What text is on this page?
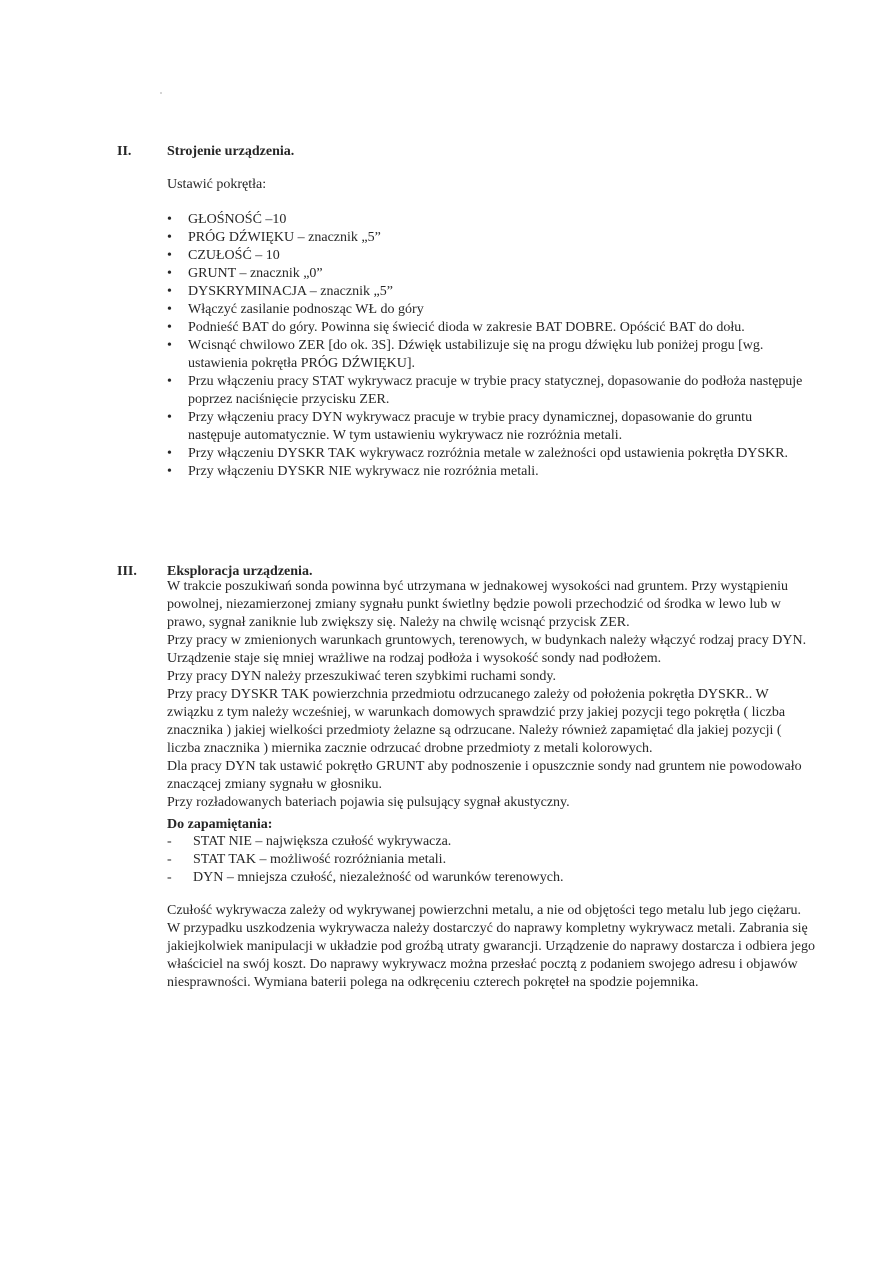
II.	Strojenie urządzenia.
Ustawić pokrętła:
• GŁOŚNOŚĆ –10
• PRÓG DŹWIĘKU – znacznik „5”
• CZUŁOŚĆ – 10
• GRUNT – znacznik „0”
• DYSKRYMINACJA – znacznik „5”
• Włączyć zasilanie podnosząc WŁ do góry
• Podnieść BAT do góry. Powinna się świecić dioda w zakresie BAT DOBRE. Opóścić BAT do dołu.
• Wcisnąć chwilowo ZER [do ok. 3S]. Dźwięk ustabilizuje się na progu dźwięku lub poniżej progu [wg. ustawienia pokrętła PRÓG DŹWIĘKU].
• Przu włączeniu pracy STAT wykrywacz pracuje w trybie pracy statycznej, dopasowanie do podłoża następuje poprzez naciśnięcie przycisku ZER.
• Przy włączeniu pracy DYN wykrywacz pracuje w trybie pracy dynamicznej, dopasowanie do gruntu następuje automatycznie. W tym ustawieniu wykrywacz nie rozróżnia metali.
• Przy włączeniu DYSKR TAK wykrywacz rozróżnia metale w zależności opd ustawienia pokrętła DYSKR.
• Przy włączeniu DYSKR NIE wykrywacz nie rozróżnia metali.
III. Eksploracja urządzenia.

W trakcie poszukiwań sonda powinna być utrzymana w jednakowej wysokości nad gruntem. Przy wystąpieniu powolnej, niezamierzonej zmiany sygnału punkt świetlny będzie powoli przechodzić od środka w lewo lub w prawo, sygnał zaniknie lub zwiększy się. Należy na chwilę wcisnąć przycisk ZER.

Przy pracy w zmienionych warunkach gruntowych, terenowych, w budynkach należy włączyć rodzaj pracy DYN. Urządzenie staje się mniej wrażliwe na rodzaj podłoża i wysokość sondy nad podłożem.

Przy pracy DYN należy przeszukiwać teren szybkimi ruchami sondy.

Przy pracy DYSKR TAK powierzchnia przedmiotu odrzucanego zależy od położenia pokrętła DYSKR.. W związku z tym należy wcześniej, w warunkach domowych sprawdzić przy jakiej pozycji tego pokrętła ( liczba znacznika ) jakiej wielkości przedmioty żelazne są odrzucane. Należy również zapamiętać dla jakiej pozycji ( liczba znacznika ) miernika zacznie odrzucać drobne przedmioty z metali kolorowych.

Dla pracy DYN tak ustawić pokrętło GRUNT aby podnoszenie i opuszcznie sondy nad gruntem nie powodowało znaczącej zmiany sygnału w głosniku.

Przy rozładowanych bateriach pojawia się pulsujący sygnał akustyczny.

Do zapamiętania:
- STAT NIE – największa czułość wykrywacza.
- STAT TAK – możliwość rozróżniania metali.
- DYN – mniejsza czułość, niezależność od warunków terenowych.

Czułość wykrywacza zależy od wykrywanej powierzchni metalu, a nie od objętości tego metalu lub jego ciężaru.

W przypadku uszkodzenia wykrywacza należy dostarczyć do naprawy kompletny wykrywacz metali. Zabrania się jakiejkolwiek manipulacji w układzie pod groźbą utraty gwarancji. Urządzenie do naprawy dostarcza i odbiera jego właściciel na swój koszt. Do naprawy wykrywacz można przesłać pocztą z podaniem swojego adresu i objawów niesprawności. Wymiana baterii polega na odkręceniu czterech pokręteł na spodzie pojemnika.
